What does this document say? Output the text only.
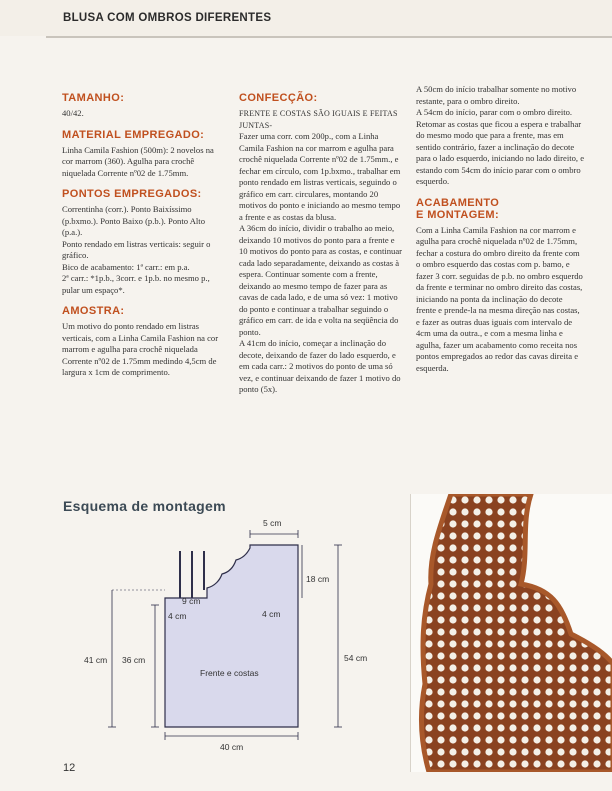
BLUSA COM OMBROS DIFERENTES
TAMANHO:

40/42.

MATERIAL EMPREGADO:

Linha Camila Fashion (500m): 2 novelos na cor marrom (360). Agulha para crochê niquelada Corrente nº02 de 1.75mm.

PONTOS EMPREGADOS:

Correntinha (corr.). Ponto Baixíssimo (p.bxmo.). Ponto Baixo (p.b.). Ponto Alto (p.a.).

Ponto rendado em listras verticais: seguir o gráfico.

Bico de acabamento: 1ª carr.: em p.a.

2ª carr.: *1p.b., 3corr. e 1p.b. no mesmo p., pular um espaço*.

AMOSTRA:

Um motivo do ponto rendado em listras verticais, com a Linha Camila Fashion na cor marrom e agulha para crochê niquelada Corrente nº02 de 1.75mm medindo 4,5cm de largura x 1cm de comprimento.

CONFECÇÃO:

FRENTE E COSTAS SÃO IGUAIS E FEITAS JUNTAS-

Fazer uma corr. com 200p., com a Linha Camila Fashion na cor marrom e agulha para crochê niquelada Corrente nº02 de 1.75mm., e fechar em círculo, com 1p.bxmo., trabalhar em ponto rendado em listras verticais, seguindo o gráfico em carr. circulares, montando 20 motivos do ponto e iniciando ao mesmo tempo a frente e as costas da blusa.

A 36cm do início, dividir o trabalho ao meio, deixando 10 motivos do ponto para a frente e 10 motivos do ponto para as costas, e continuar cada lado separadamente, deixando as costas à espera. Continuar somente com a frente, deixando ao mesmo tempo de fazer para as cavas de cada lado, e de uma só vez: 1 motivo do ponto e continuar a trabalhar seguindo o gráfico em carr. de ida e volta na seqüência do ponto.

A 41cm do início, começar a inclinação do decote, deixando de fazer do lado esquerdo, e em cada carr.: 2 motivos do ponto de uma só vez, e continuar deixando de fazer 1 motivo do ponto (5x).

A 50cm do início trabalhar somente no motivo restante, para o ombro direito.

A 54cm do início, parar com o ombro direito.

Retomar as costas que ficou a espera e trabalhar do mesmo modo que para a frente, mas em sentido contrário, fazer a inclinação do decote para o lado esquerdo, iniciando no lado direito, e estando com 54cm do início parar com o ombro esquerdo.

ACABAMENTO
E MONTAGEM:

Com a Linha Camila Fashion na cor marrom e agulha para crochê niquelada nº02 de 1.75mm, fechar a costura do ombro direito da frente com o ombro esquerdo das costas com p. bamo, e fazer 3 corr. seguidas de p.b. no ombro esquerdo da frente e terminar no ombro direito das costas, iniciando na ponta da inclinação do decote frente e prende-la na mesma direção nas costas, e fazer as outras duas iguais com intervalo de 4cm uma da outra., e com a mesma linha e agulha, fazer um acabamento como receita nos pontos empregados ao redor das cavas direita e esquerda.

Esquema de montagem
5 cm
18 cm
54 cm
9 cm
4 cm	4 cm
41 cm 36 cm
Frente e costas
40 cm
12
